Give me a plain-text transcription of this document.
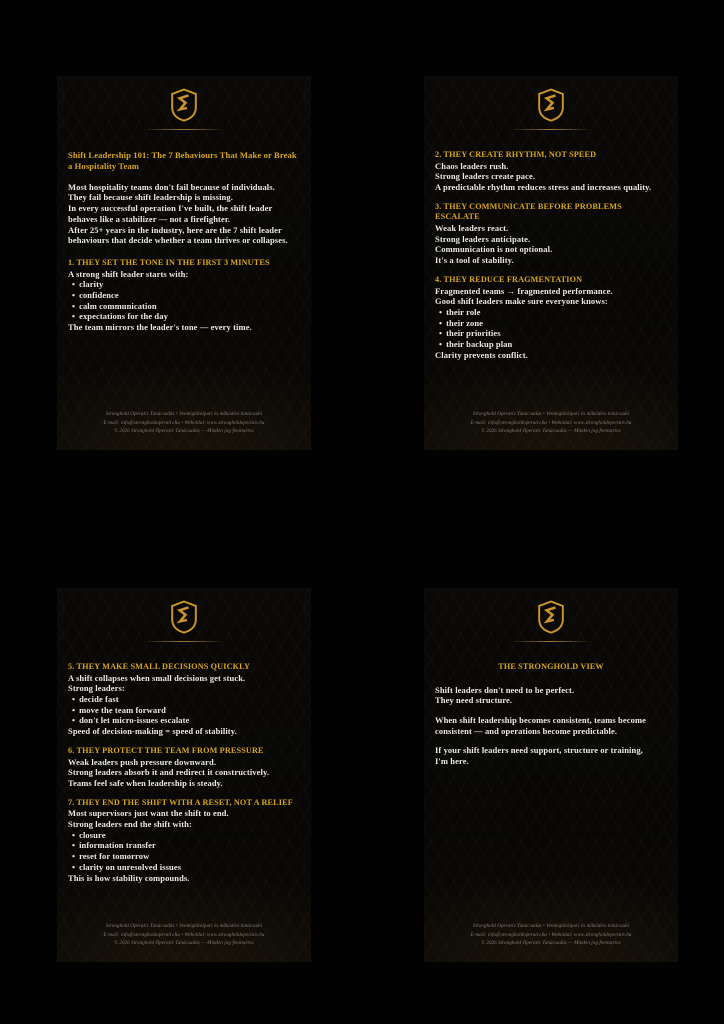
Shift Leadership 101: The 7 Behaviours That Make or Break a Hospitality Team
Most hospitality teams don't fail because of individuals.
They fail because shift leadership is missing.
In every successful operation I've built, the shift leader behaves like a stabilizer — not a firefighter.
After 25+ years in the industry, here are the 7 shift leader behaviours that decide whether a team thrives or collapses.
1. THEY SET THE TONE IN THE FIRST 3 MINUTES
A strong shift leader starts with:
• clarity
• confidence
• calm communication
• expectations for the day
The team mirrors the leader's tone — every time.
Stronghold Operatív Tanácsadás • Vendéglátóipari és működési tanácsadó
E-mail: info@strongholdoperativ.hu • Weboldal: www.strongholdoperativ.hu
© 2026 Stronghold Operatív Tanácsadás — Minden jog fenntartva
2. THEY CREATE RHYTHM, NOT SPEED
Chaos leaders rush.
Strong leaders create pace.
A predictable rhythm reduces stress and increases quality.
3. THEY COMMUNICATE BEFORE PROBLEMS ESCALATE
Weak leaders react.
Strong leaders anticipate.
Communication is not optional.
It's a tool of stability.
4. THEY REDUCE FRAGMENTATION
Fragmented teams → fragmented performance.
Good shift leaders make sure everyone knows:
• their role
• their zone
• their priorities
• their backup plan
Clarity prevents conflict.
Stronghold Operatív Tanácsadás • Vendéglátóipari és működési tanácsadó
E-mail: info@strongholdoperativ.hu • Weboldal: www.strongholdoperativ.hu
© 2026 Stronghold Operatív Tanácsadás — Minden jog fenntartva
5. THEY MAKE SMALL DECISIONS QUICKLY
A shift collapses when small decisions get stuck.
Strong leaders:
• decide fast
• move the team forward
• don't let micro-issues escalate
Speed of decision-making = speed of stability.
6. THEY PROTECT THE TEAM FROM PRESSURE
Weak leaders push pressure downward.
Strong leaders absorb it and redirect it constructively.
Teams feel safe when leadership is steady.
7. THEY END THE SHIFT WITH A RESET, NOT A RELIEF
Most supervisors just want the shift to end.
Strong leaders end the shift with:
• closure
• information transfer
• reset for tomorrow
• clarity on unresolved issues
This is how stability compounds.
Stronghold Operatív Tanácsadás • Vendéglátóipari és működési tanácsadó
E-mail: info@strongholdoperativ.hu • Weboldal: www.strongholdoperativ.hu
© 2026 Stronghold Operatív Tanácsadás — Minden jog fenntartva
THE STRONGHOLD VIEW
Shift leaders don't need to be perfect.
They need structure.
When shift leadership becomes consistent, teams become consistent — and operations become predictable.
If your shift leaders need support, structure or training,
I'm here.
Stronghold Operatív Tanácsadás • Vendéglátóipari és működési tanácsadó
E-mail: info@strongholdoperativ.hu • Weboldal: www.strongholdoperativ.hu
© 2026 Stronghold Operatív Tanácsadás — Minden jog fenntartva
